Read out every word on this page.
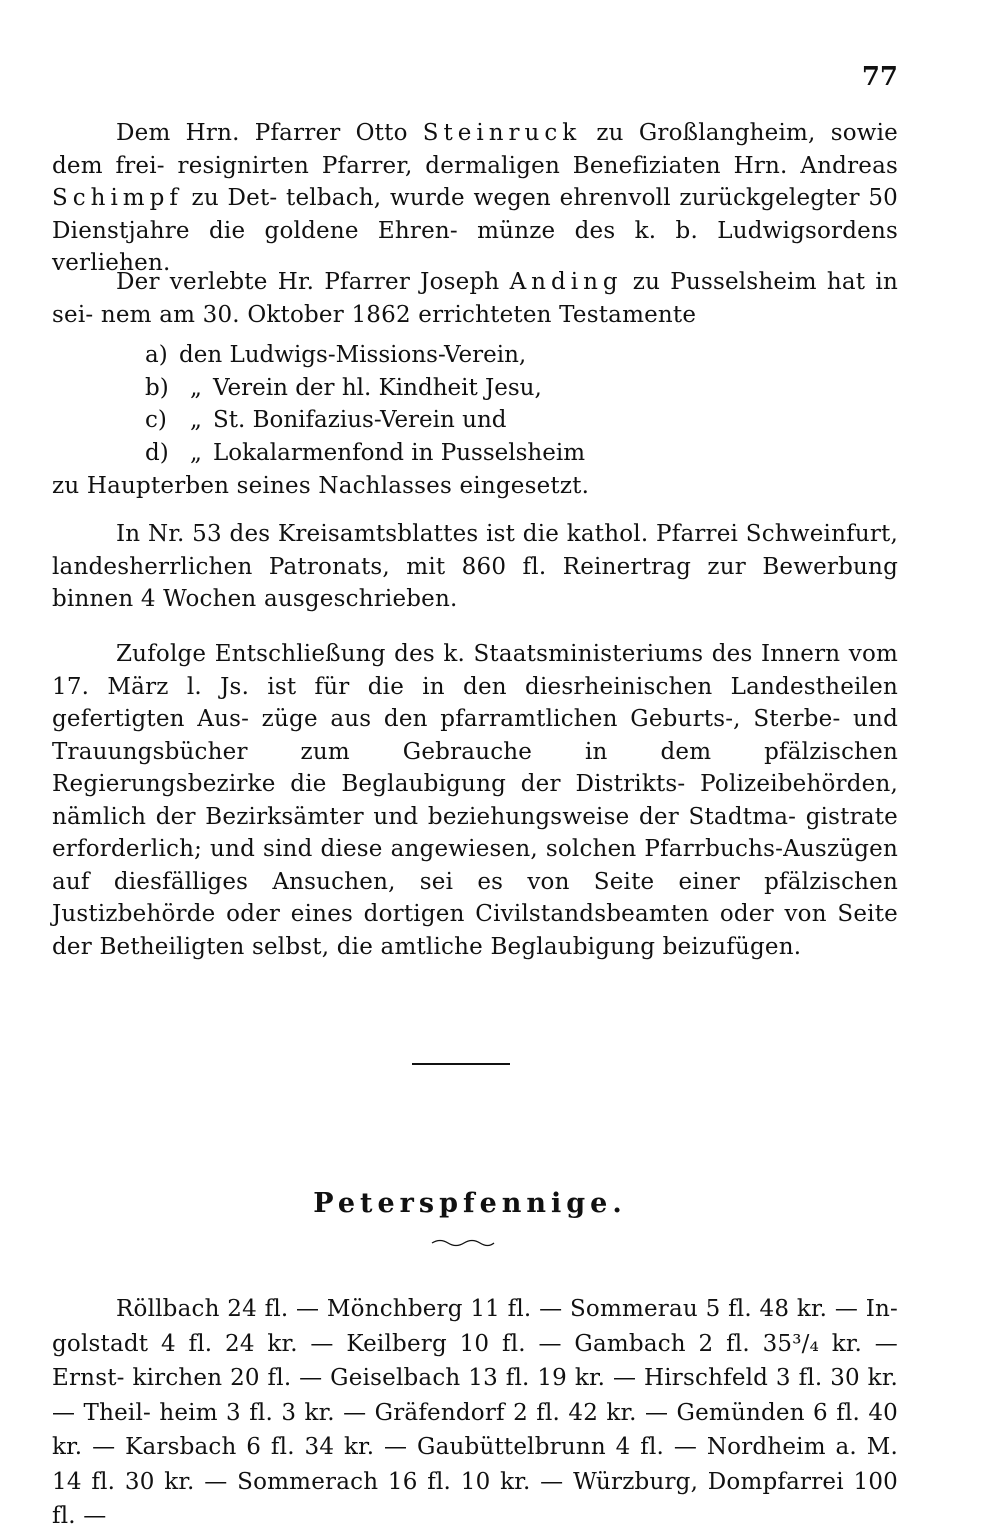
77

Dem Hrn. Pfarrer Otto Steinruck zu Großlangheim, sowie dem frei- resignirten Pfarrer, dermaligen Benefiziaten Hrn. Andreas Schimpf zu Det- telbach, wurde wegen ehrenvoll zurückgelegter 50 Dienstjahre die goldene Ehren- münze des k. b. Ludwigsordens verliehen.

Der verlebte Hr. Pfarrer Joseph Anding zu Pusselsheim hat in sei- nem am 30. Oktober 1862 errichteten Testamente

a) den Ludwigs-Missions-Verein,
b) „ Verein der hl. Kindheit Jesu,
c)	„ St. Bonifazius-Verein und
d) „ Lokalarmenfond in Pusselsheim

zu Haupterben seines Nachlasses eingesetzt.

In Nr. 53 des Kreisamtsblattes ist die kathol. Pfarrei Schweinfurt, landesherrlichen Patronats, mit 860 fl. Reinertrag zur Bewerbung binnen 4 Wochen ausgeschrieben.

Zufolge Entschließung des k. Staatsministeriums des Innern vom 17. März l. Js. ist für die in den diesrheinischen Landestheilen gefertigten Aus- züge aus den pfarramtlichen Geburts-, Sterbe- und Trauungsbücher zum Gebrauche in dem pfälzischen Regierungsbezirke die Beglaubigung der Distrikts- Polizeibehörden, nämlich der Bezirksämter und beziehungsweise der Stadtma- gistrate erforderlich; und sind diese angewiesen, solchen Pfarrbuchs-Auszügen auf diesfälliges Ansuchen, sei es von Seite einer pfälzischen Justizbehörde oder eines dortigen Civilstandsbeamten oder von Seite der Betheiligten selbst, die amtliche Beglaubigung beizufügen.

Peterspfennige.

Röllbach 24 fl. — Mönchberg 11 fl. — Sommerau 5 fl. 48 kr. — In- golstadt 4 fl. 24 kr. — Keilberg 10 fl. — Gambach 2 fl. 35³/₄ kr. — Ernst- kirchen 20 fl. — Geiselbach 13 fl. 19 kr. — Hirschfeld 3 fl. 30 kr. — Theil- heim 3 fl. 3 kr. — Gräfendorf 2 fl. 42 kr. — Gemünden 6 fl. 40 kr. — Karsbach 6 fl. 34 kr. — Gaubüttelbrunn 4 fl. — Nordheim a. M. 14 fl. 30 kr. — Sommerach 16 fl. 10 kr. — Würzburg, Dompfarrei 100 fl. —
